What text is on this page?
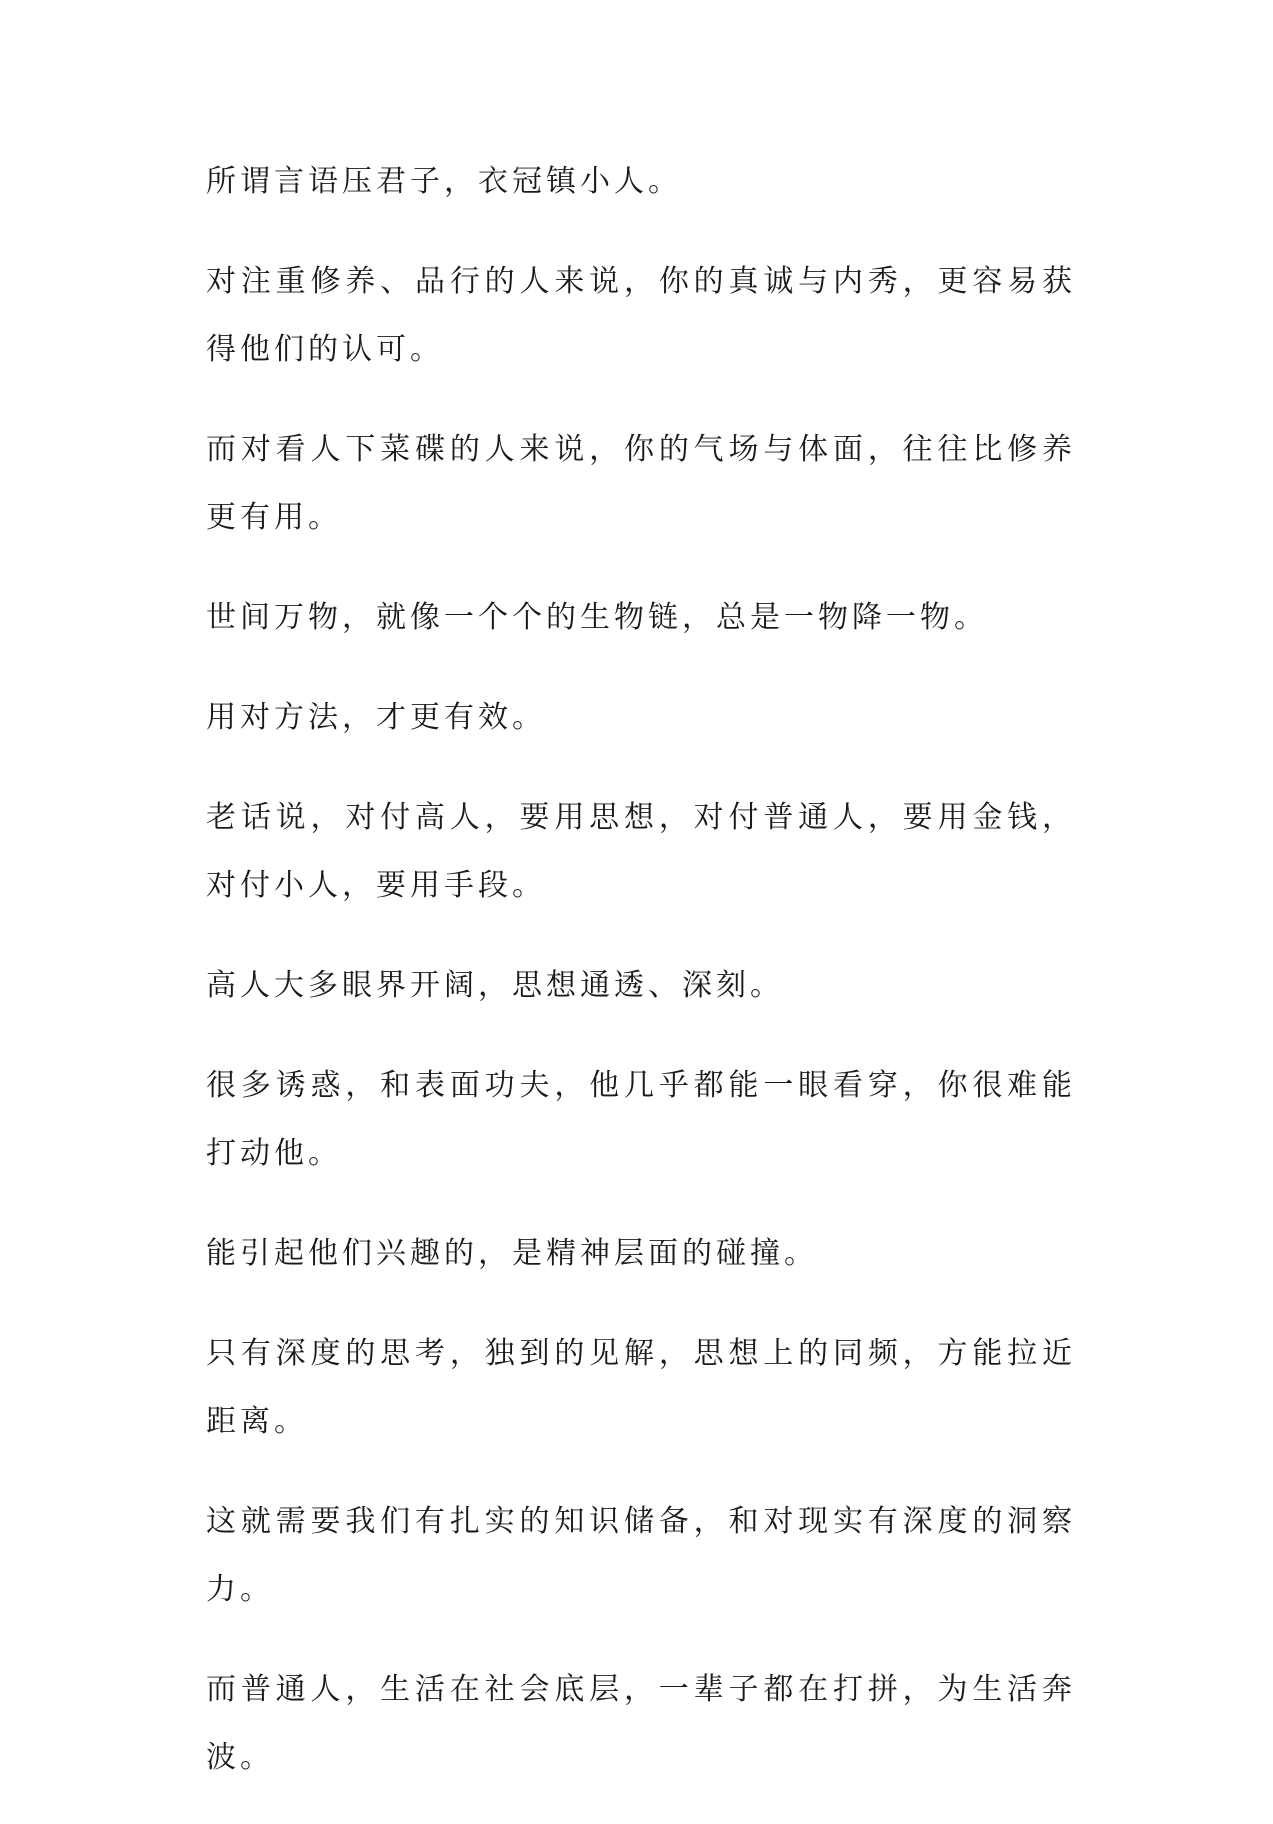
所谓言语压君子，衣冠镇小人。

对注重修养、品行的人来说，你的真诚与内秀，更容易获得他们的认可。

而对看人下菜碟的人来说，你的气场与体面，往往比修养更有用。

世间万物，就像一个个的生物链，总是一物降一物。

用对方法，才更有效。

老话说，对付高人，要用思想，对付普通人，要用金钱，对付小人，要用手段。

高人大多眼界开阔，思想通透、深刻。

很多诱惑，和表面功夫，他几乎都能一眼看穿，你很难能打动他。

能引起他们兴趣的，是精神层面的碰撞。

只有深度的思考，独到的见解，思想上的同频，方能拉近距离。

这就需要我们有扎实的知识储备，和对现实有深度的洞察力。

而普通人，生活在社会底层，一辈子都在打拼，为生活奔波。
